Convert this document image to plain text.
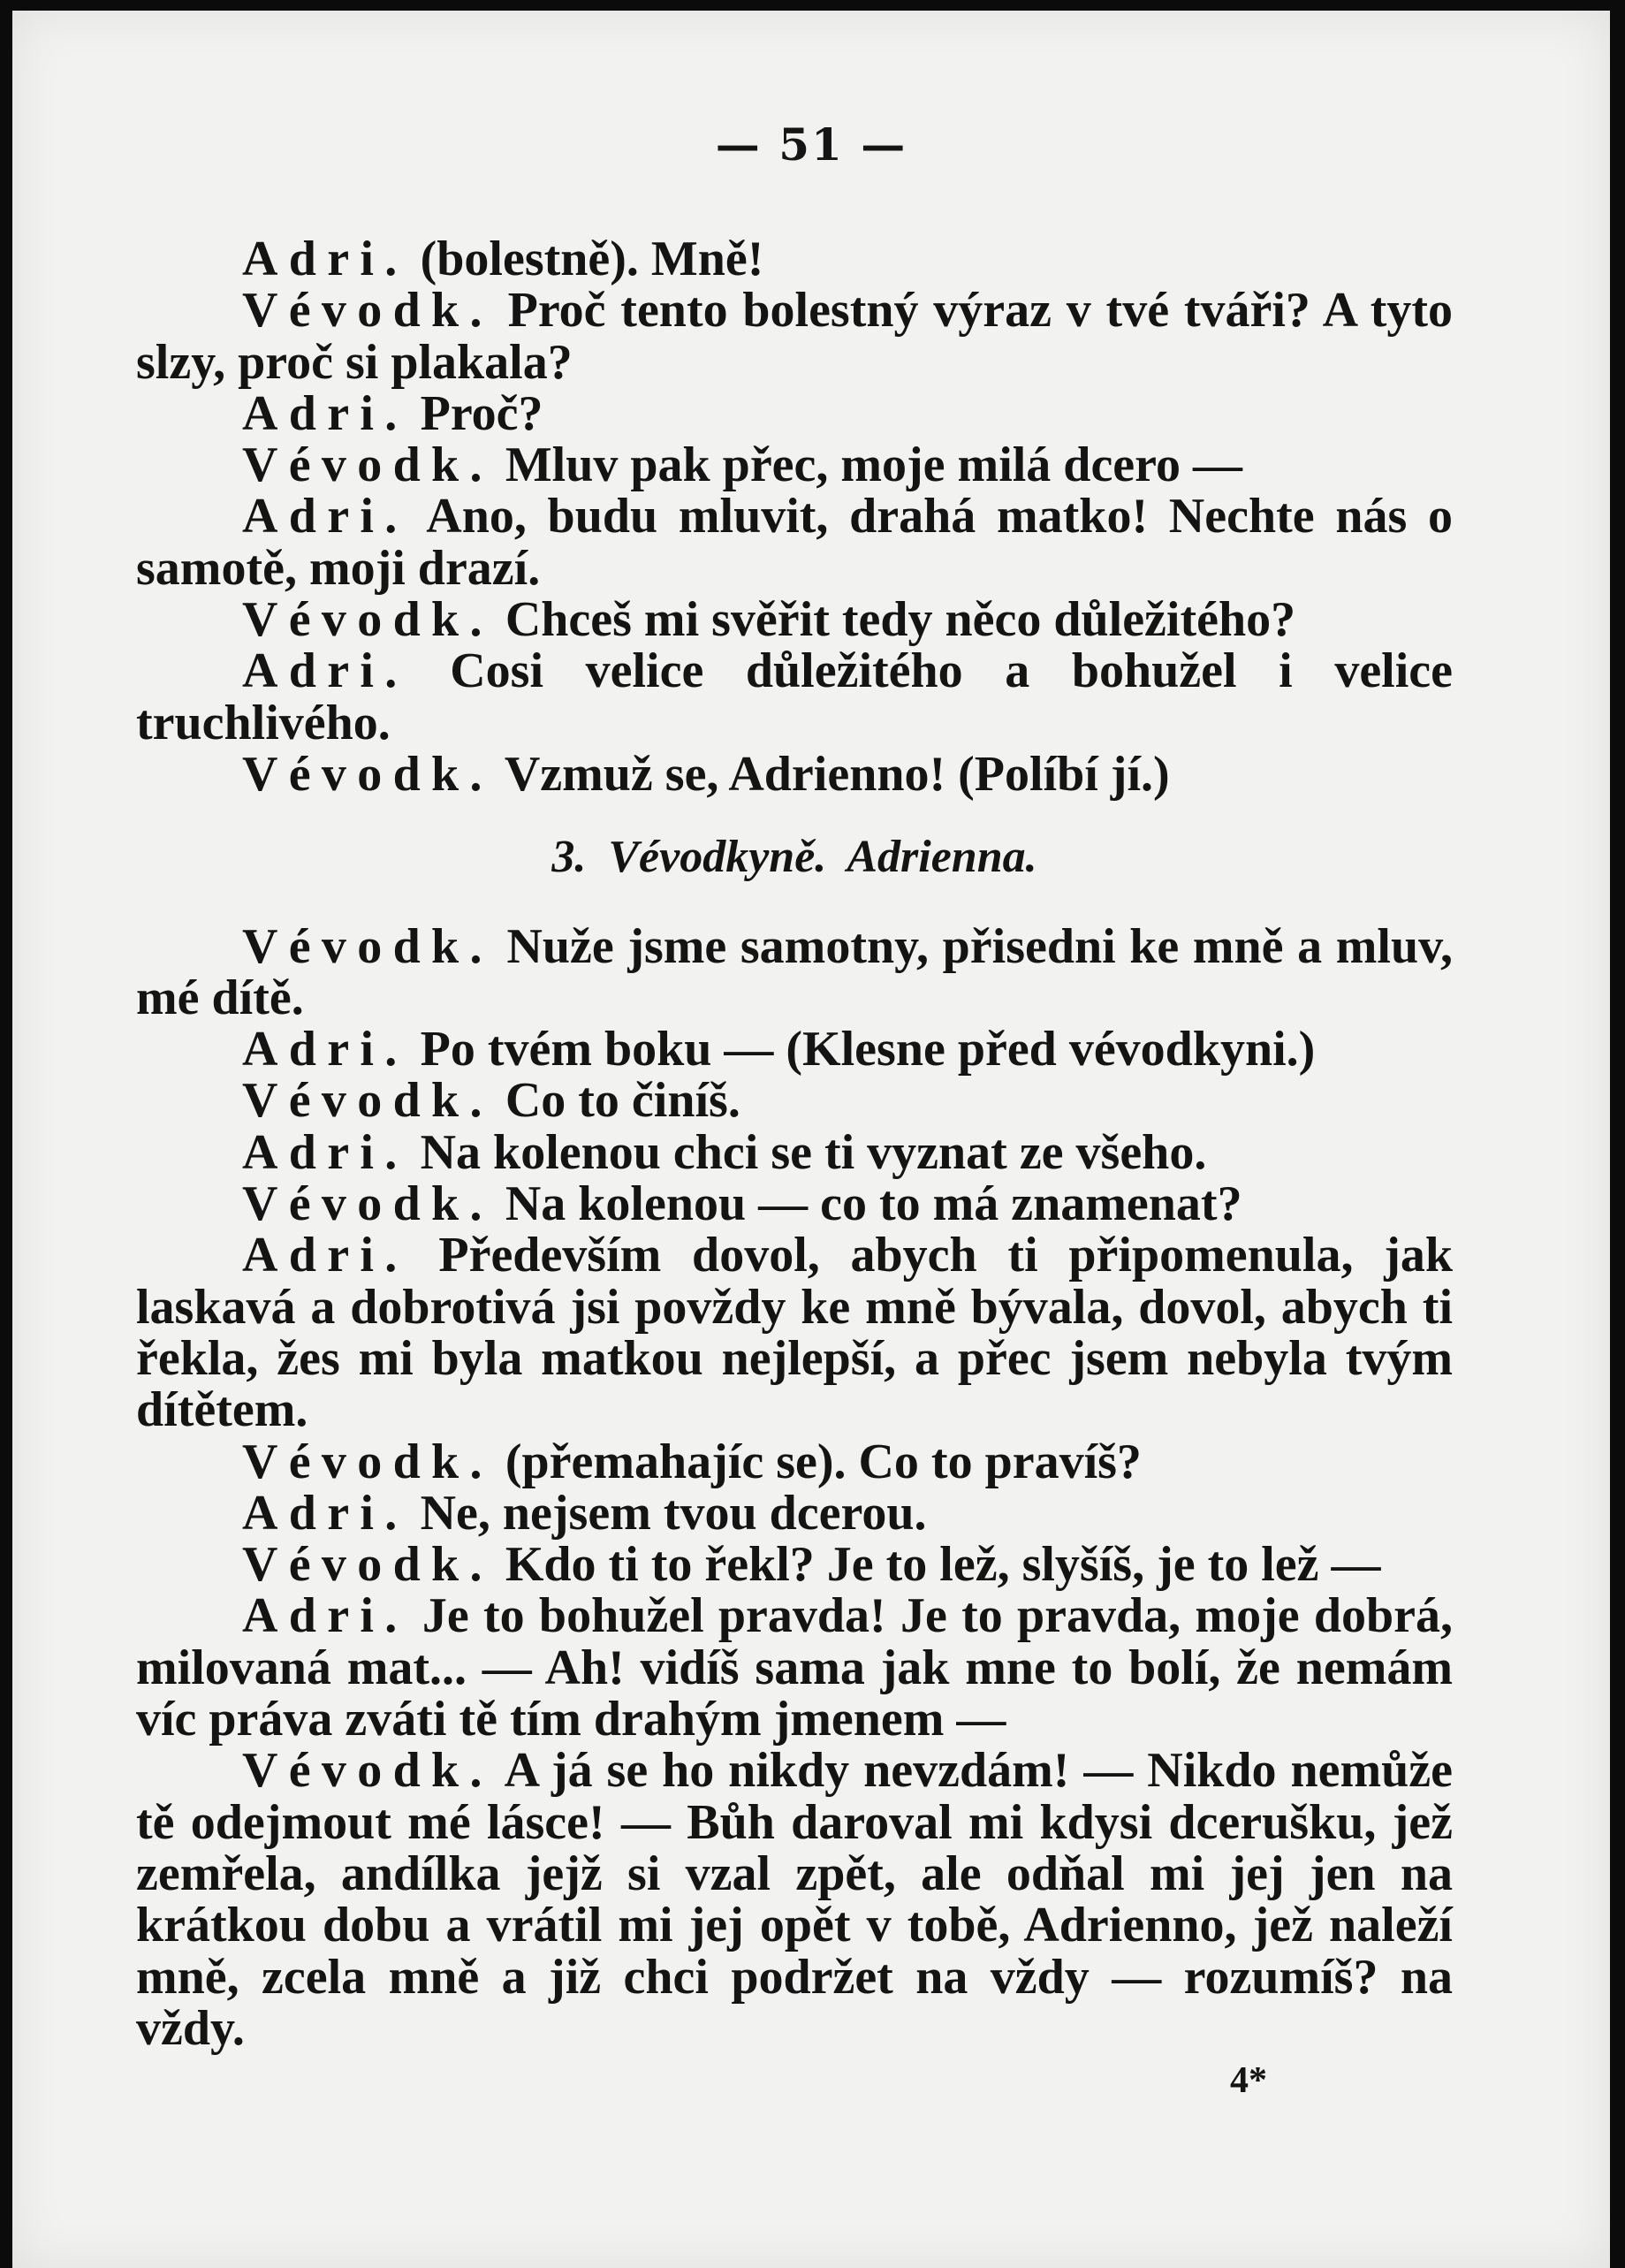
— 51 —

Adri. (bolestně). Mně!

Vévodk. Proč tento bolestný výraz v tvé tváři? A tyto slzy, proč si plakala?

Adri. Proč?

Vévodk. Mluv pak přec, moje milá dcero —

Adri. Ano, budu mluvit, drahá matko! Nechte nás o samotě, moji drazí.

Vévodk. Chceš mi svěřit tedy něco důležitého?

Adri. Cosi velice důležitého a bohužel i velice truchlivého.

Vévodk. Vzmuž se, Adrienno! (Políbí jí.)

3. Vévodkyně. Adrienna.

Vévodk. Nuže jsme samotny, přisedni ke mně a mluv, mé dítě.

Adri. Po tvém boku — (Klesne před vévodkyni.)

Vévodk. Co to činíš.

Adri. Na kolenou chci se ti vyznat ze všeho.

Vévodk. Na kolenou — co to má znamenat?

Adri. Především dovol, abych ti připomenula, jak laskavá a dobrotivá jsi povždy ke mně bývala, dovol, abych ti řekla, žes mi byla matkou nejlepší, a přec jsem nebyla tvým dítětem.

Vévodk. (přemahajíc se). Co to pravíš?

Adri. Ne, nejsem tvou dcerou.

Vévodk. Kdo ti to řekl? Je to lež, slyšíš, je to lež —

Adri. Je to bohužel pravda! Je to pravda, moje dobrá, milovaná mat... — Ah! vidíš sama jak mne to bolí, že nemám víc práva zváti tě tím drahým jmenem —

Vévodk. A já se ho nikdy nevzdám! — Nikdo nemůže tě odejmout mé lásce! — Bůh daroval mi kdysi dcerušku, jež zemřela, andílka jejž si vzal zpět, ale odňal mi jej jen na krátkou dobu a vrátil mi jej opět v tobě, Adrienno, jež naleží mně, zcela mně a již chci podržet na vždy — rozumíš? na vždy.

4*
